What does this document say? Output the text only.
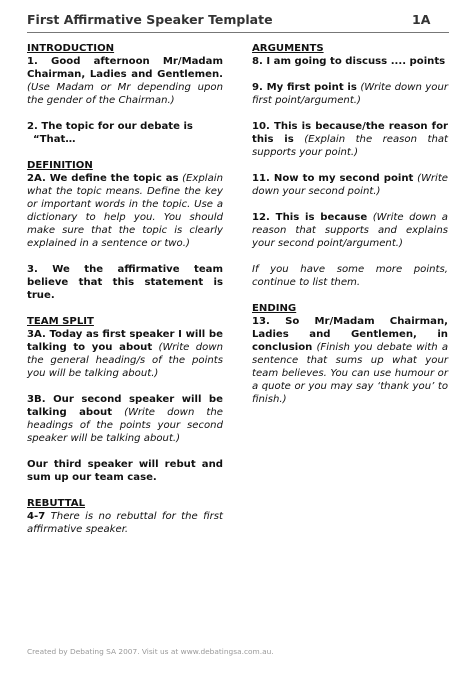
First Affirmative Speaker Template	1A
INTRODUCTION

1. Good afternoon Mr/Madam Chairman, Ladies and Gentlemen. (Use Madam or Mr depending upon the gender of the Chairman.)

2. The topic for our debate is
“That…

DEFINITION

2A. We define the topic as (Explain what the topic means. Define the key or important words in the topic. Use a dictionary to help you. You should make sure that the topic is clearly explained in a sentence or two.)

3. We the affirmative team believe that this statement is true.

TEAM SPLIT

3A. Today as first speaker I will be talking to you about (Write down the general heading/s of the points you will be talking about.)

3B. Our second speaker will be talking about (Write down the headings of the points your second speaker will be talking about.)

Our third speaker will rebut and sum up our team case.

REBUTTAL

4-7 There is no rebuttal for the first affirmative speaker.

ARGUMENTS

8. I am going to discuss .... points

9. My first point is (Write down your first point/argument.)

10. This is because/the reason for this is (Explain the reason that supports your point.)

11. Now to my second point (Write down your second point.)

12. This is because (Write down a reason that supports and explains your second point/argument.)

If you have some more points, continue to list them.

ENDING

13. So Mr/Madam Chairman, Ladies and Gentlemen, in conclusion (Finish you debate with a sentence that sums up what your team believes. You can use humour or a quote or you may say ‘thank you’ to finish.)

Created by Debating SA 2007. Visit us at www.debatingsa.com.au.
